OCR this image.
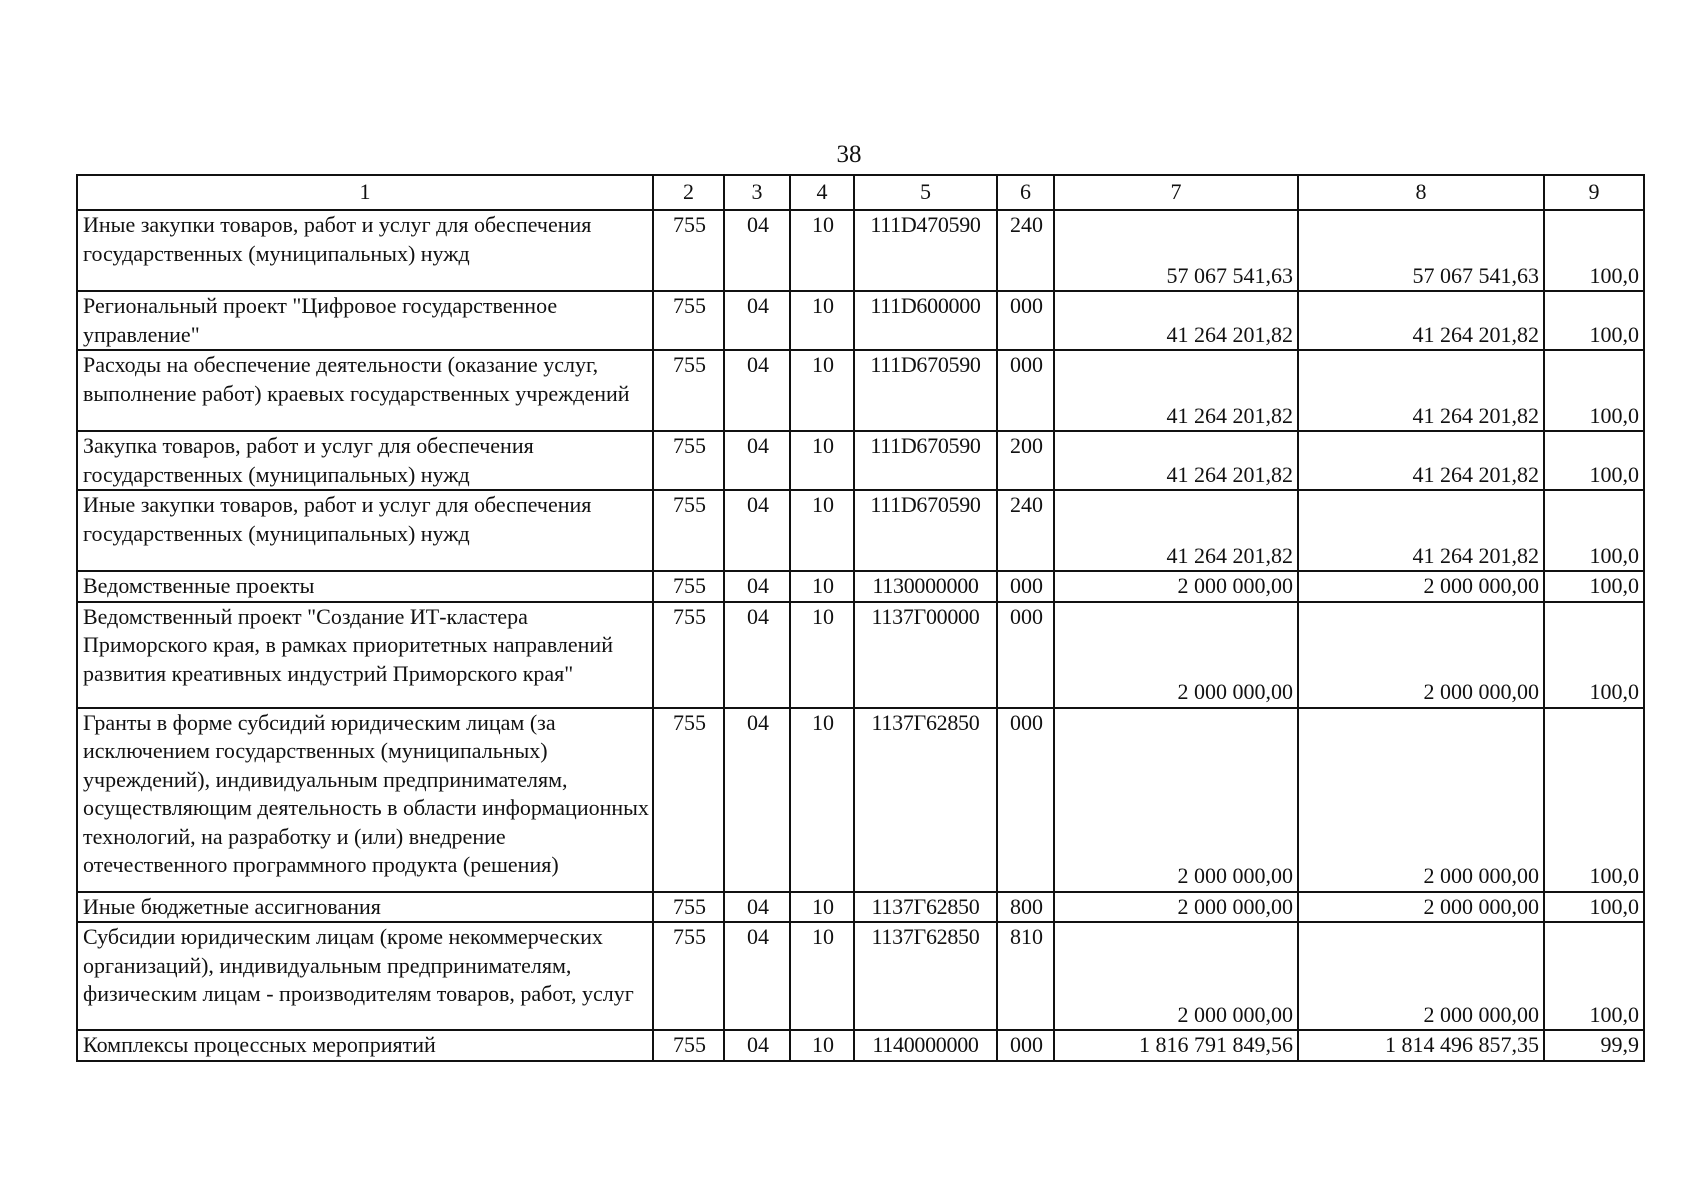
38
1	2	3	4	5	6	7	8	9
Иные закупки товаров, работ и услуг для обеспечения государственных (муниципальных) нужд	755	04	10	111D470590	240	57 067 541,63	57 067 541,63	100,0
Региональный проект "Цифровое государственное управление"	755	04	10	111D600000	000	41 264 201,82	41 264 201,82	100,0
Расходы на обеспечение деятельности (оказание услуг, выполнение работ) краевых государственных учреждений	755	04	10	111D670590	000	41 264 201,82	41 264 201,82	100,0
Закупка товаров, работ и услуг для обеспечения государственных (муниципальных) нужд	755	04	10	111D670590	200	41 264 201,82	41 264 201,82	100,0
Иные закупки товаров, работ и услуг для обеспечения государственных (муниципальных) нужд	755	04	10	111D670590	240	41 264 201,82	41 264 201,82	100,0
Ведомственные проекты	755	04	10	1130000000	000	2 000 000,00	2 000 000,00	100,0
Ведомственный проект "Создание ИТ-кластера Приморского края, в рамках приоритетных направлений развития креативных индустрий Приморского края"	755	04	10	1137Г00000	000	2 000 000,00	2 000 000,00	100,0
Гранты в форме субсидий юридическим лицам (за исключением государственных (муниципальных) учреждений), индивидуальным предпринимателям, осуществляющим деятельность в области информационных технологий, на разработку и (или) внедрение отечественного программного продукта (решения)	755	04	10	1137Г62850	000	2 000 000,00	2 000 000,00	100,0
Иные бюджетные ассигнования	755	04	10	1137Г62850	800	2 000 000,00	2 000 000,00	100,0
Субсидии юридическим лицам (кроме некоммерческих организаций), индивидуальным предпринимателям, физическим лицам - производителям товаров, работ, услуг	755	04	10	1137Г62850	810	2 000 000,00	2 000 000,00	100,0
Комплексы процессных мероприятий	755	04	10	1140000000	000	1 816 791 849,56	1 814 496 857,35	99,9
